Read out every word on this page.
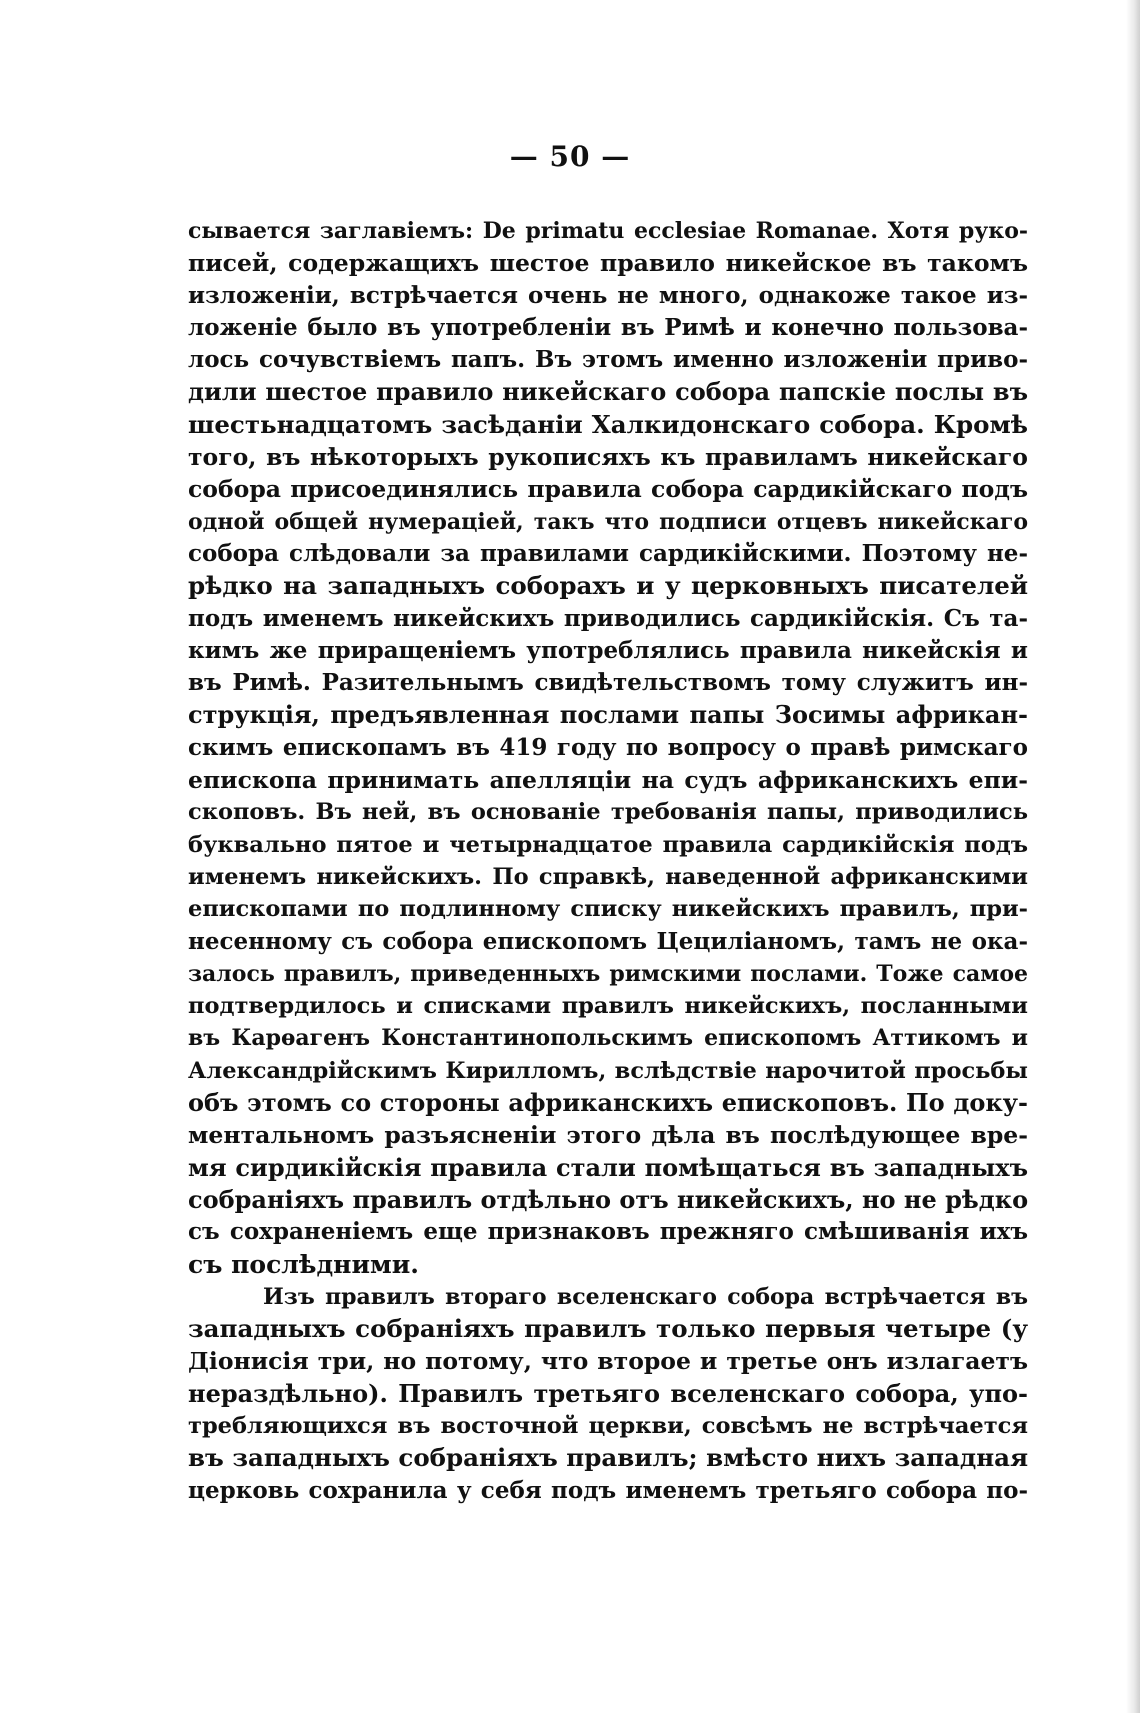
— 50 —
сывается заглавіемъ: De primatu ecclesiae Romanae. Хотя руко-
писей, содержащихъ шестое правило никейское въ такомъ
изложеніи, встрѣчается очень не много, однакоже такое из-
ложеніе было въ употребленіи въ Римѣ и конечно пользова-
лось сочувствіемъ папъ. Въ этомъ именно изложеніи приво-
дили шестое правило никейскаго собора папскіе послы въ
шестьнадцатомъ засѣданіи Халкидонскаго собора. Кромѣ
того, въ нѣкоторыхъ рукописяхъ къ правиламъ никейскаго
собора присоединялись правила собора сардикійскаго подъ
одной общей нумераціей, такъ что подписи отцевъ никейскаго
собора слѣдовали за правилами сардикійскими. Поэтому не-
рѣдко на западныхъ соборахъ и у церковныхъ писателей
подъ именемъ никейскихъ приводились сардикійскія. Съ та-
кимъ же приращеніемъ употреблялись правила никейскія и
въ Римѣ. Разительнымъ свидѣтельствомъ тому служитъ ин-
струкція, предъявленная послами папы Зосимы африкан-
скимъ епископамъ въ 419 году по вопросу о правѣ римскаго
епископа принимать апелляціи на судъ африканскихъ епи-
скоповъ. Въ ней, въ основаніе требованія папы, приводились
буквально пятое и четырнадцатое правила сардикійскія подъ
именемъ никейскихъ. По справкѣ, наведенной африканскими
епископами по подлинному списку никейскихъ правилъ, при-
несенному съ собора епископомъ Цециліаномъ, тамъ не ока-
залось правилъ, приведенныхъ римскими послами. Тоже самое
подтвердилось и списками правилъ никейскихъ, посланными
въ Карѳагенъ Константинопольскимъ епископомъ Аттикомъ и
Александрійскимъ Кирилломъ, вслѣдствіе нарочитой просьбы
объ этомъ со стороны африканскихъ епископовъ. По доку-
ментальномъ разъясненіи этого дѣла въ послѣдующее вре-
мя сирдикійскія правила стали помѣщаться въ западныхъ
собраніяхъ правилъ отдѣльно отъ никейскихъ, но не рѣдко
съ сохраненіемъ еще признаковъ прежняго смѣшиванія ихъ
съ послѣдними.
Изъ правилъ втораго вселенскаго собора встрѣчается въ
западныхъ собраніяхъ правилъ только первыя четыре (у
Діонисія три, но потому, что второе и третье онъ излагаетъ
нераздѣльно). Правилъ третьяго вселенскаго собора, упо-
требляющихся въ восточной церкви, совсѣмъ не встрѣчается
въ западныхъ собраніяхъ правилъ; вмѣсто нихъ западная
церковь сохранила у себя подъ именемъ третьяго собора по-
